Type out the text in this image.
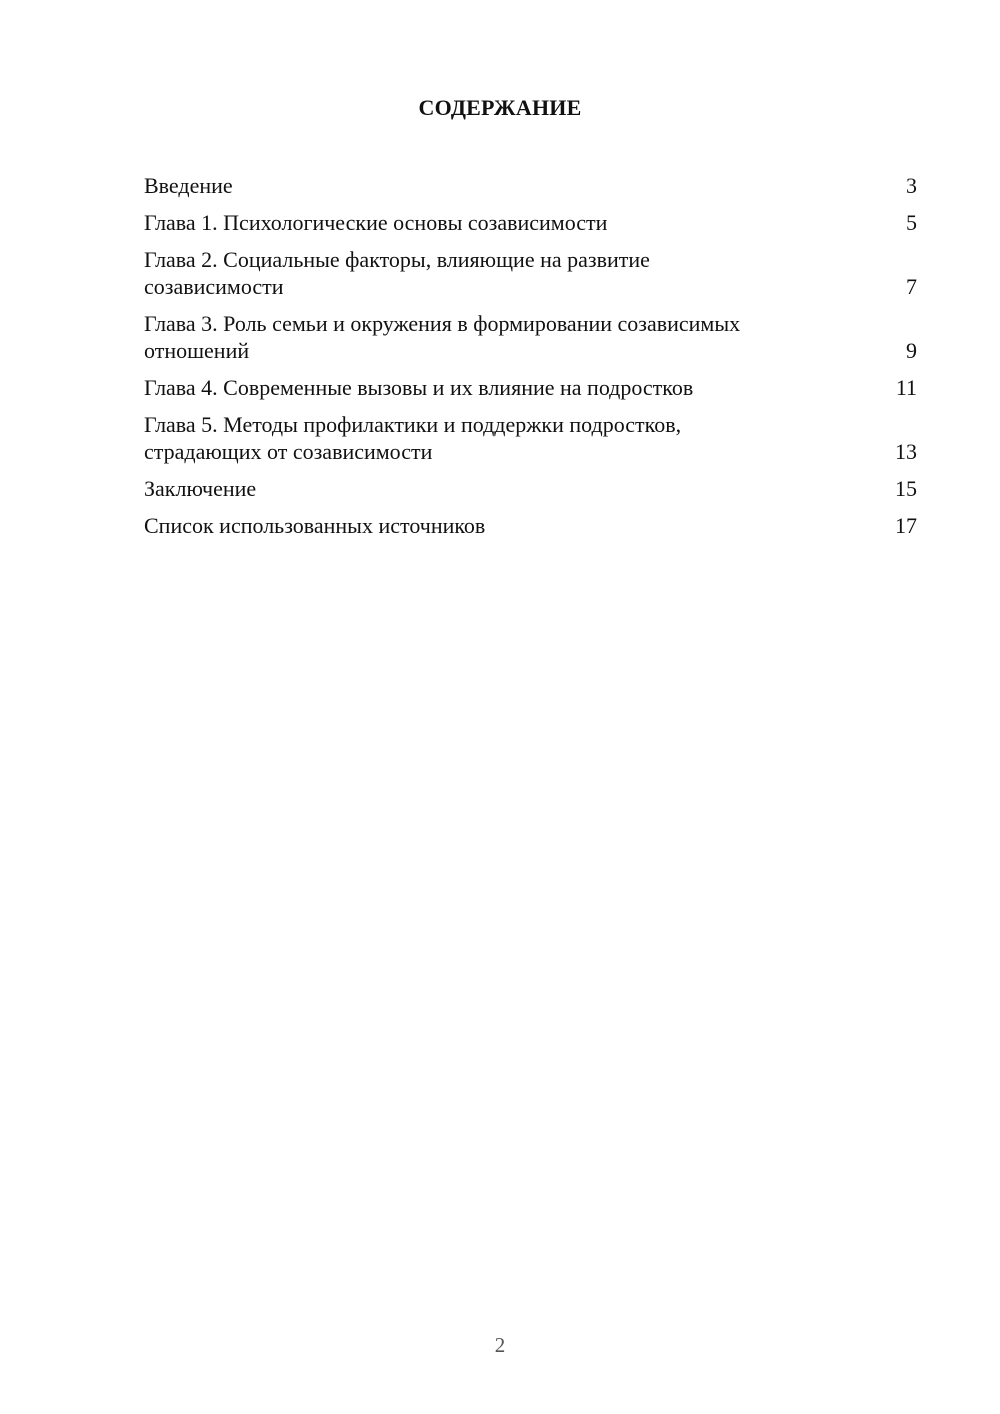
СОДЕРЖАНИЕ
Введение	3
Глава 1. Психологические основы созависимости	5
Глава 2. Социальные факторы, влияющие на развитие
созависимости	7
Глава 3. Роль семьи и окружения в формировании созависимых
отношений	9
Глава 4. Современные вызовы и их влияние на подростков	11
Глава 5. Методы профилактики и поддержки подростков,
страдающих от созависимости	13
Заключение	15
Список использованных источников	17
2
